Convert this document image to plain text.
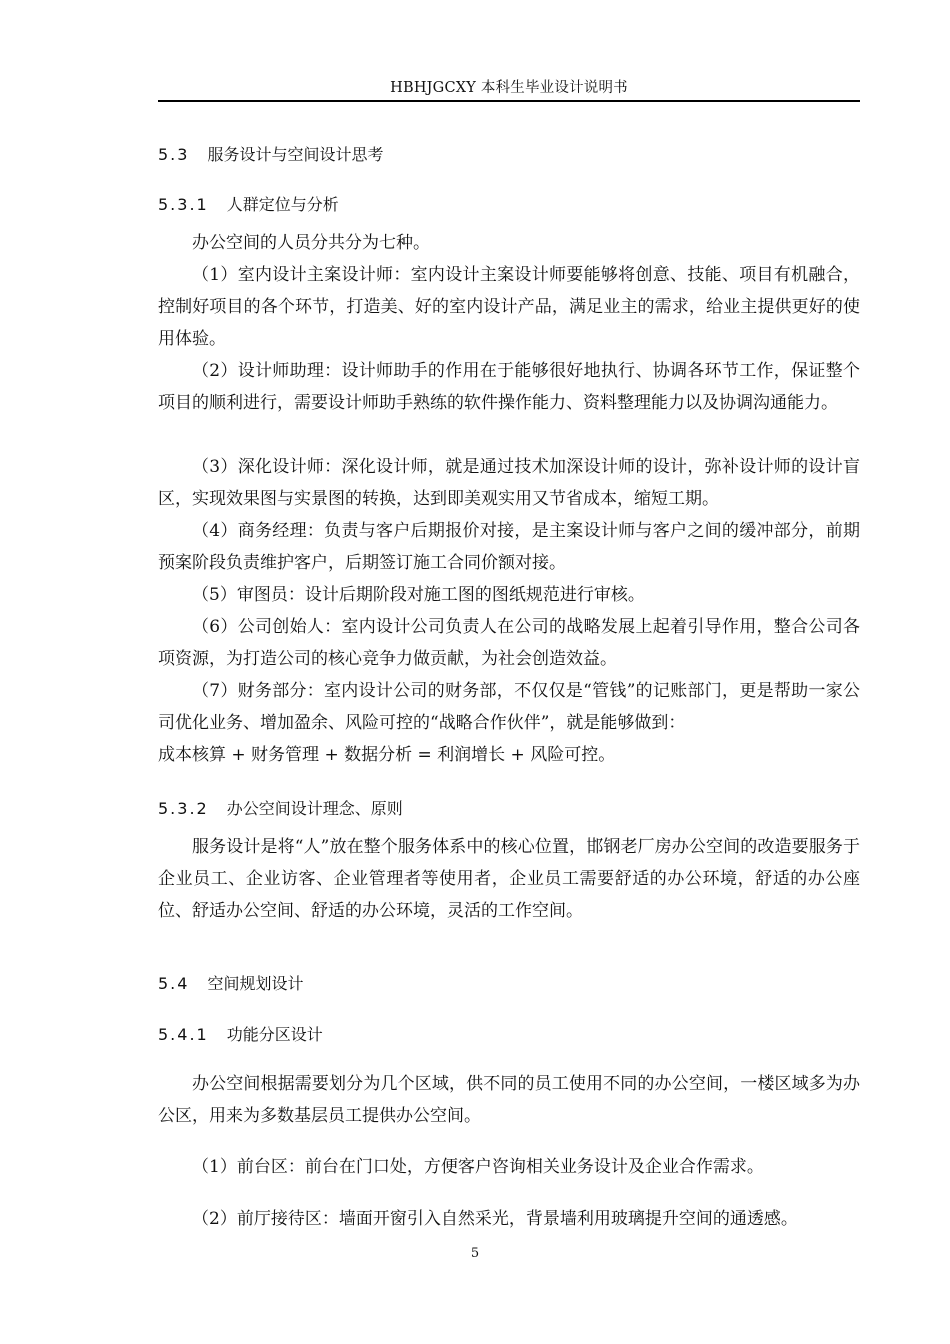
HBHJGCXY 本科生毕业设计说明书
5.3 服务设计与空间设计思考
5.3.1 人群定位与分析

办公空间的人员分共分为七种。

（1）室内设计主案设计师：室内设计主案设计师要能够将创意、技能、项目有机融合，控制好项目的各个环节，打造美、好的室内设计产品，满足业主的需求，给业主提供更好的使用体验。

（2）设计师助理：设计师助手的作用在于能够很好地执行、协调各环节工作，保证整个项目的顺利进行，需要设计师助手熟练的软件操作能力、资料整理能力以及协调沟通能力。

（3）深化设计师：深化设计师，就是通过技术加深设计师的设计，弥补设计师的设计盲区，实现效果图与实景图的转换，达到即美观实用又节省成本，缩短工期。

（4）商务经理：负责与客户后期报价对接，是主案设计师与客户之间的缓冲部分，前期预案阶段负责维护客户，后期签订施工合同价额对接。

（5）审图员：设计后期阶段对施工图的图纸规范进行审核。

（6）公司创始人：室内设计公司负责人在公司的战略发展上起着引导作用，整合公司各项资源，为打造公司的核心竞争力做贡献，为社会创造效益。

（7）财务部分：室内设计公司的财务部，不仅仅是“管钱”的记账部门，更是帮助一家公司优化业务、增加盈余、风险可控的“战略合作伙伴”，就是能够做到：

成本核算 + 财务管理 + 数据分析 = 利润增长 + 风险可控。

5.3.2 办公空间设计理念、原则

服务设计是将“人”放在整个服务体系中的核心位置，邯钢老厂房办公空间的改造要服务于企业员工、企业访客、企业管理者等使用者，企业员工需要舒适的办公环境，舒适的办公座位、舒适办公空间、舒适的办公环境，灵活的工作空间。

5.4 空间规划设计
5.4.1 功能分区设计

办公空间根据需要划分为几个区域，供不同的员工使用不同的办公空间，一楼区域多为办公区，用来为多数基层员工提供办公空间。

（1）前台区：前台在门口处，方便客户咨询相关业务设计及企业合作需求。

（2）前厅接待区：墙面开窗引入自然采光，背景墙利用玻璃提升空间的通透感。

5
